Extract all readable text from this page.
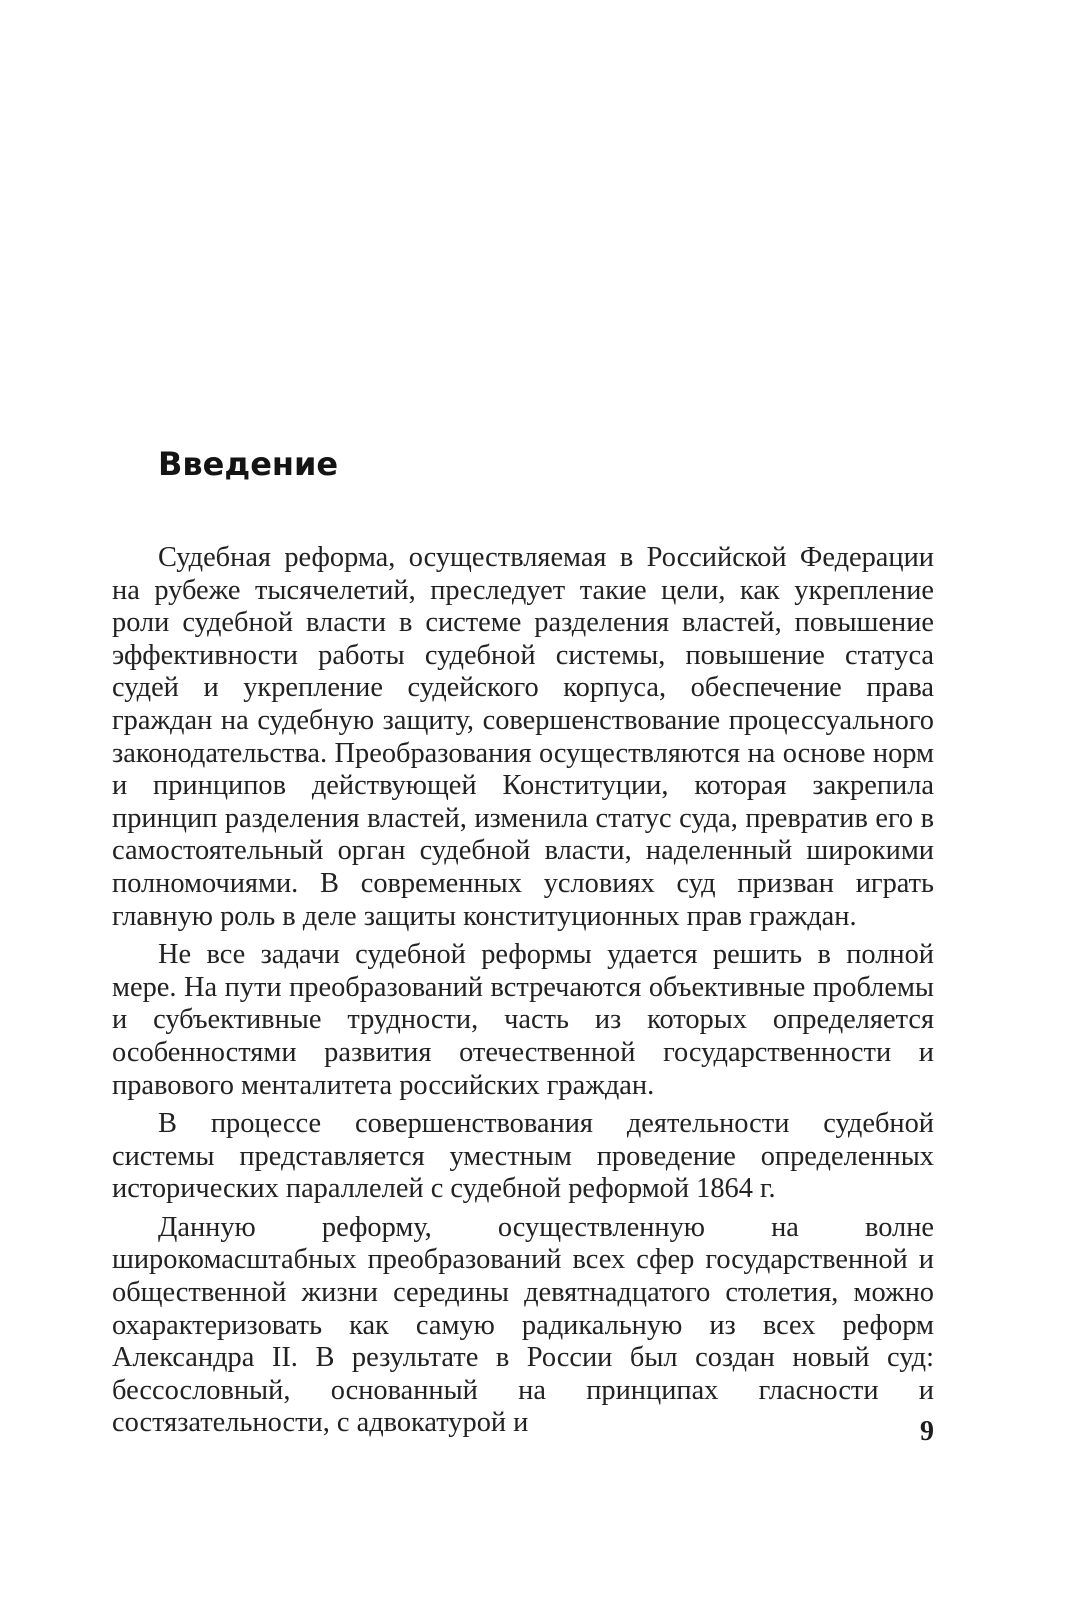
Введение

Судебная реформа, осуществляемая в Российской Федерации на рубеже тысячелетий, преследует такие цели, как укрепление роли судебной власти в системе разделения властей, повышение эффективности работы судебной системы, повышение статуса судей и укрепление судейского корпуса, обеспечение права граждан на судебную защиту, совершенствование процессуального законодательства. Преобразования осуществляются на основе норм и принципов действующей Конституции, которая закрепила принцип разделения властей, изменила статус суда, превратив его в самостоятельный орган судебной власти, наделенный широкими полномочиями. В современных условиях суд призван играть главную роль в деле защиты конституционных прав граждан.

Не все задачи судебной реформы удается решить в полной мере. На пути преобразований встречаются объективные проблемы и субъективные трудности, часть из которых определяется особенностями развития отечественной государственности и правового менталитета российских граждан.

В процессе совершенствования деятельности судебной системы представляется уместным проведение определенных исторических параллелей с судебной реформой 1864 г.

Данную реформу, осуществленную на волне широкомасштабных преобразований всех сфер государственной и общественной жизни середины девятнадцатого столетия, можно охарактеризовать как самую радикальную из всех реформ Александра II. В результате в России был создан новый суд: бессословный, основанный на принципах гласности и состязательности, с адвокатурой и	9
